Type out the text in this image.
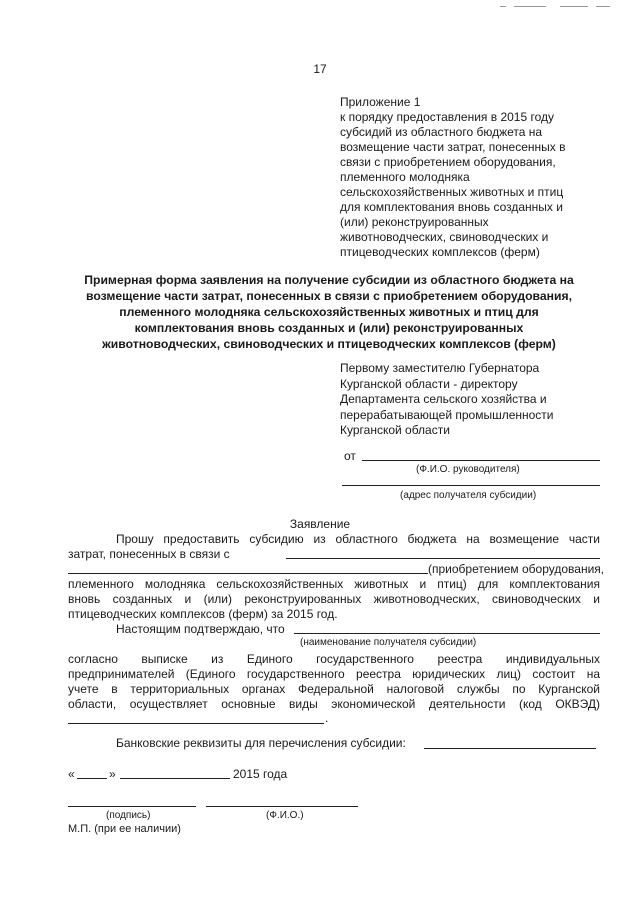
17
Приложение 1
к порядку предоставления в 2015 году
субсидий из областного бюджета на
возмещение части затрат, понесенных в
связи с приобретением оборудования,
племенного молодняка
сельскохозяйственных животных и птиц
для комплектования вновь созданных и
(или) реконструированных
животноводческих, свиноводческих и
птицеводческих комплексов (ферм)
Примерная форма заявления на получение субсидии из областного бюджета на
возмещение части затрат, понесенных в связи с приобретением оборудования,
племенного молодняка сельскохозяйственных животных и птиц для
комплектования вновь созданных и (или) реконструированных
животноводческих, свиноводческих и птицеводческих комплексов (ферм)
Первому заместителю Губернатора
Курганской области - директору
Департамента сельского хозяйства и
перерабатывающей промышленности
Курганской области
от
(Ф.И.О. руководителя)
(адрес получателя субсидии)
Заявление
Прошу предоставить субсидию из областного бюджета на возмещение части
затрат, понесенных в связи с
(приобретением оборудования,
племенного молодняка сельскохозяйственных животных и птиц) для комплектования
вновь созданных и (или) реконструированных животноводческих, свиноводческих и
птицеводческих комплексов (ферм) за 2015 год.
Настоящим подтверждаю, что
(наименование получателя субсидии)
согласно выписке из Единого государственного реестра индивидуальных
предпринимателей (Единого государственного реестра юридических лиц) состоит на
учете в территориальных органах Федеральной налоговой службы по Курганской
области, осуществляет основные виды экономической деятельности (код ОКВЭД)
.
Банковские реквизиты для перечисления субсидии:
«	»	2015 года
(подпись)	(Ф.И.О.)
М.П. (при ее наличии)
